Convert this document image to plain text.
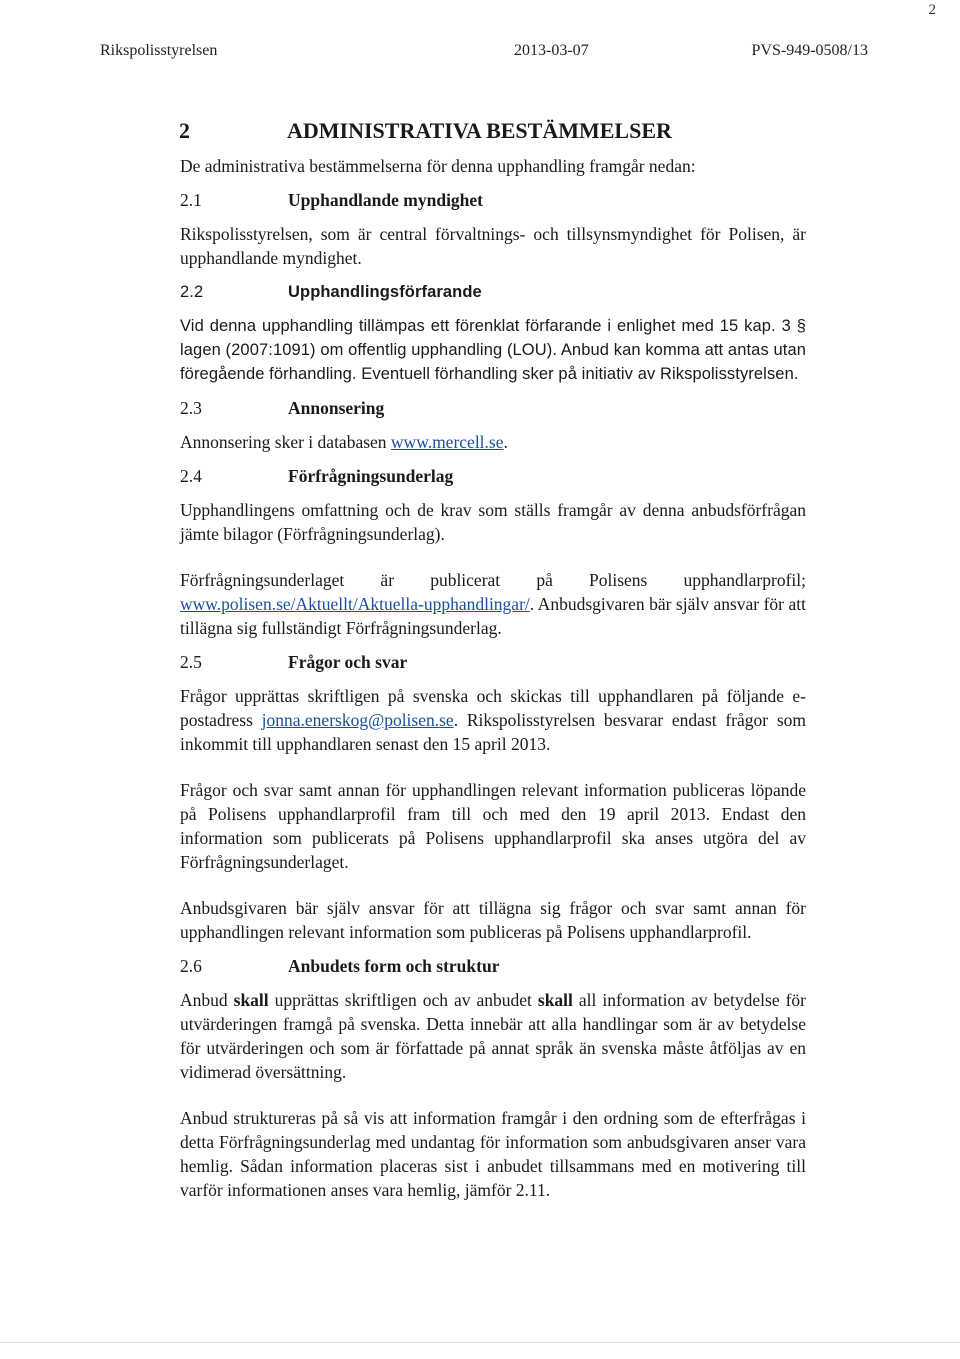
2
Rikspolisstyrelsen	2013-03-07	PVS-949-0508/13
2	ADMINISTRATIVA BESTÄMMELSER
De administrativa bestämmelserna för denna upphandling framgår nedan:
2.1	Upphandlande myndighet
Rikspolisstyrelsen, som är central förvaltnings- och tillsynsmyndighet för Polisen, är upphandlande myndighet.
2.2	Upphandlingsförfarande
Vid denna upphandling tillämpas ett förenklat förfarande i enlighet med 15 kap. 3 § lagen (2007:1091) om offentlig upphandling (LOU). Anbud kan komma att antas utan föregående förhandling. Eventuell förhandling sker på initiativ av Rikspolisstyrelsen.
2.3	Annonsering
Annonsering sker i databasen www.mercell.se.
2.4	Förfrågningsunderlag
Upphandlingens omfattning och de krav som ställs framgår av denna anbudsförfrågan jämte bilagor (Förfrågningsunderlag).
Förfrågningsunderlaget är publicerat på Polisens upphandlarprofil; www.polisen.se/Aktuellt/Aktuella-upphandlingar/. Anbudsgivaren bär själv ansvar för att tillägna sig fullständigt Förfrågningsunderlag.
2.5	Frågor och svar
Frågor upprättas skriftligen på svenska och skickas till upphandlaren på följande e-postadress jonna.enerskog@polisen.se. Rikspolisstyrelsen besvarar endast frågor som inkommit till upphandlaren senast den 15 april 2013.
Frågor och svar samt annan för upphandlingen relevant information publiceras löpande på Polisens upphandlarprofil fram till och med den 19 april 2013. Endast den information som publicerats på Polisens upphandlarprofil ska anses utgöra del av Förfrågningsunderlaget.
Anbudsgivaren bär själv ansvar för att tillägna sig frågor och svar samt annan för upphandlingen relevant information som publiceras på Polisens upphandlarprofil.
2.6	Anbudets form och struktur
Anbud skall upprättas skriftligen och av anbudet skall all information av betydelse för utvärderingen framgå på svenska. Detta innebär att alla handlingar som är av betydelse för utvärderingen och som är författade på annat språk än svenska måste åtföljas av en vidimerad översättning.
Anbud struktureras på så vis att information framgår i den ordning som de efterfrågas i detta Förfrågningsunderlag med undantag för information som anbudsgivaren anser vara hemlig. Sådan information placeras sist i anbudet tillsammans med en motivering till varför informationen anses vara hemlig, jämför 2.11.
